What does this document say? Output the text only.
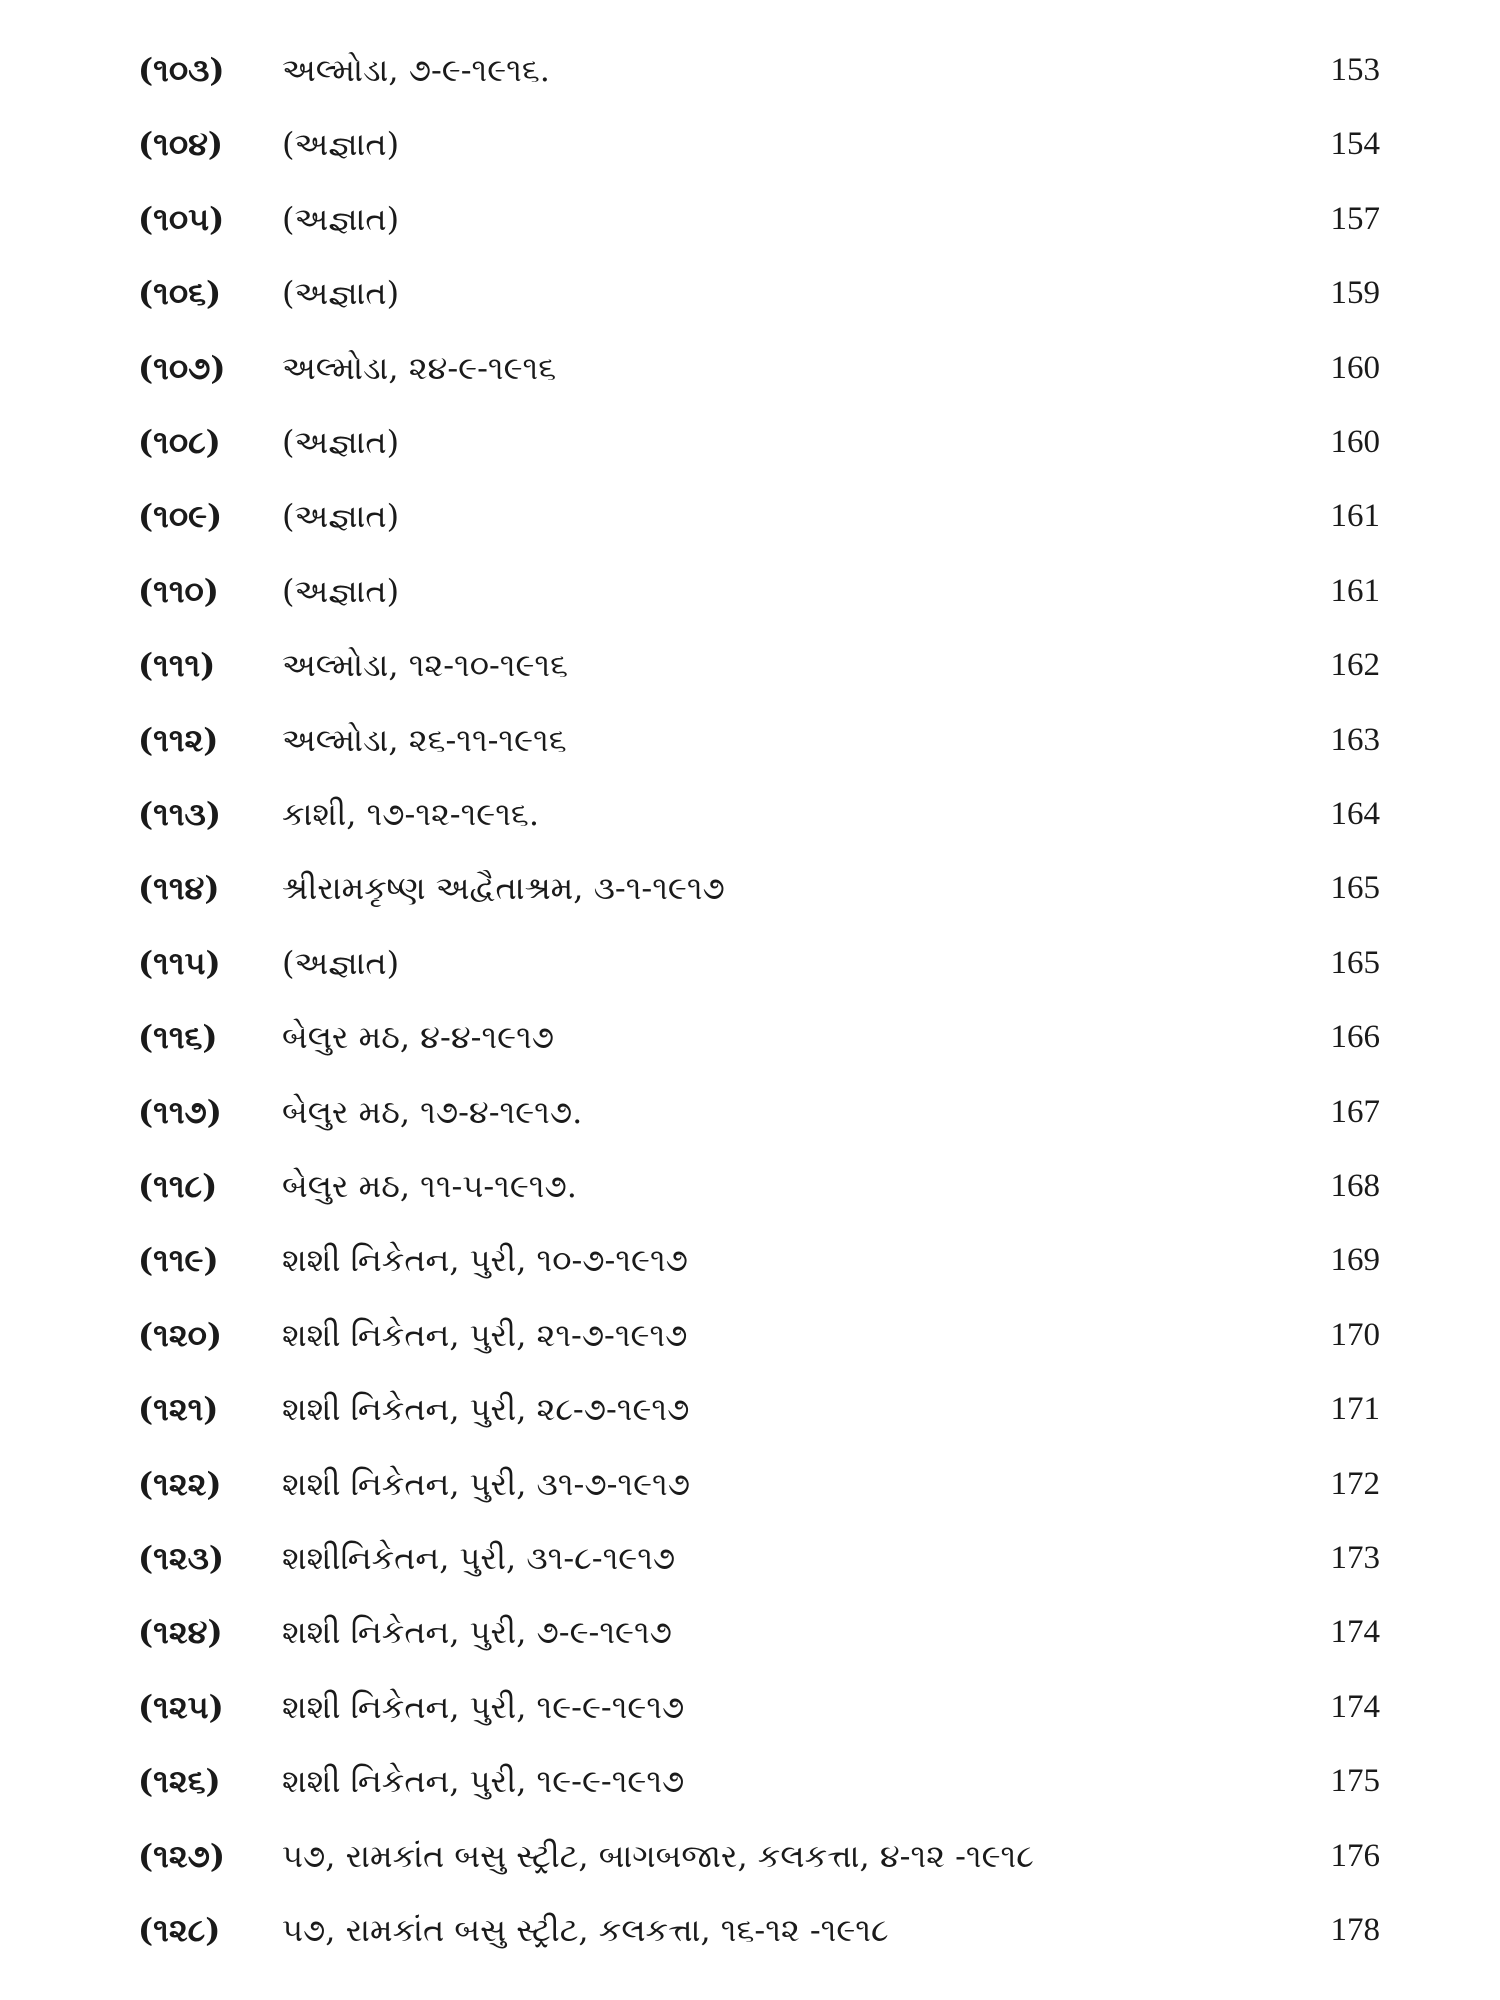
(૧૦૩)	અલ્મોડા, ૭-૯-૧૯૧૬.	153
(૧૦૪)	(અજ્ઞાત)	154
(૧૦૫)	(અજ્ઞાત)	157
(૧૦૬)	(અજ્ઞાત)	159
(૧૦૭)	અલ્મોડા, ૨૪-૯-૧૯૧૬	160
(૧૦૮)	(અજ્ઞાત)	160
(૧૦૯)	(અજ્ઞાત)	161
(૧૧૦)	(અજ્ઞાત)	161
(૧૧૧)	અલ્મોડા, ૧૨-૧૦-૧૯૧૬	162
(૧૧૨)	અલ્મોડા, ૨૬-૧૧-૧૯૧૬	163
(૧૧૩)	કાશી, ૧૭-૧૨-૧૯૧૬.	164
(૧૧૪)	શ્રીરામકૃષ્ણ અદ્વૈતાશ્રમ, ૩-૧-૧૯૧૭	165
(૧૧૫)	(અજ્ઞાત)	165
(૧૧૬)	બેલુર મઠ, ૪-૪-૧૯૧૭	166
(૧૧૭)	બેલુર મઠ, ૧૭-૪-૧૯૧૭.	167
(૧૧૮)	બેલુર મઠ, ૧૧-૫-૧૯૧૭.	168
(૧૧૯)	શશી નિકેતન, પુરી, ૧૦-૭-૧૯૧૭	169
(૧૨૦)	શશી નિકેતન, પુરી, ૨૧-૭-૧૯૧૭	170
(૧૨૧)	શશી નિકેતન, પુરી, ૨૮-૭-૧૯૧૭	171
(૧૨૨)	શશી નિકેતન, પુરી, ૩૧-૭-૧૯૧૭	172
(૧૨૩)	શશીનિકેતન, પુરી, ૩૧-૮-૧૯૧૭	173
(૧૨૪)	શશી નિકેતન, પુરી, ૭-૯-૧૯૧૭	174
(૧૨૫)	શશી નિકેતન, પુરી, ૧૯-૯-૧૯૧૭	174
(૧૨૬)	શશી નિકેતન, પુરી, ૧૯-૯-૧૯૧૭	175
(૧૨૭)	૫૭, રામકાંત બસુ સ્ટ્રીટ, બાગબજાર, કલકત્તા, ૪-૧૨ -૧૯૧૮	176
(૧૨૮)	૫૭, રામકાંત બસુ સ્ટ્રીટ, કલકત્તા, ૧૬-૧૨ -૧૯૧૮	178
